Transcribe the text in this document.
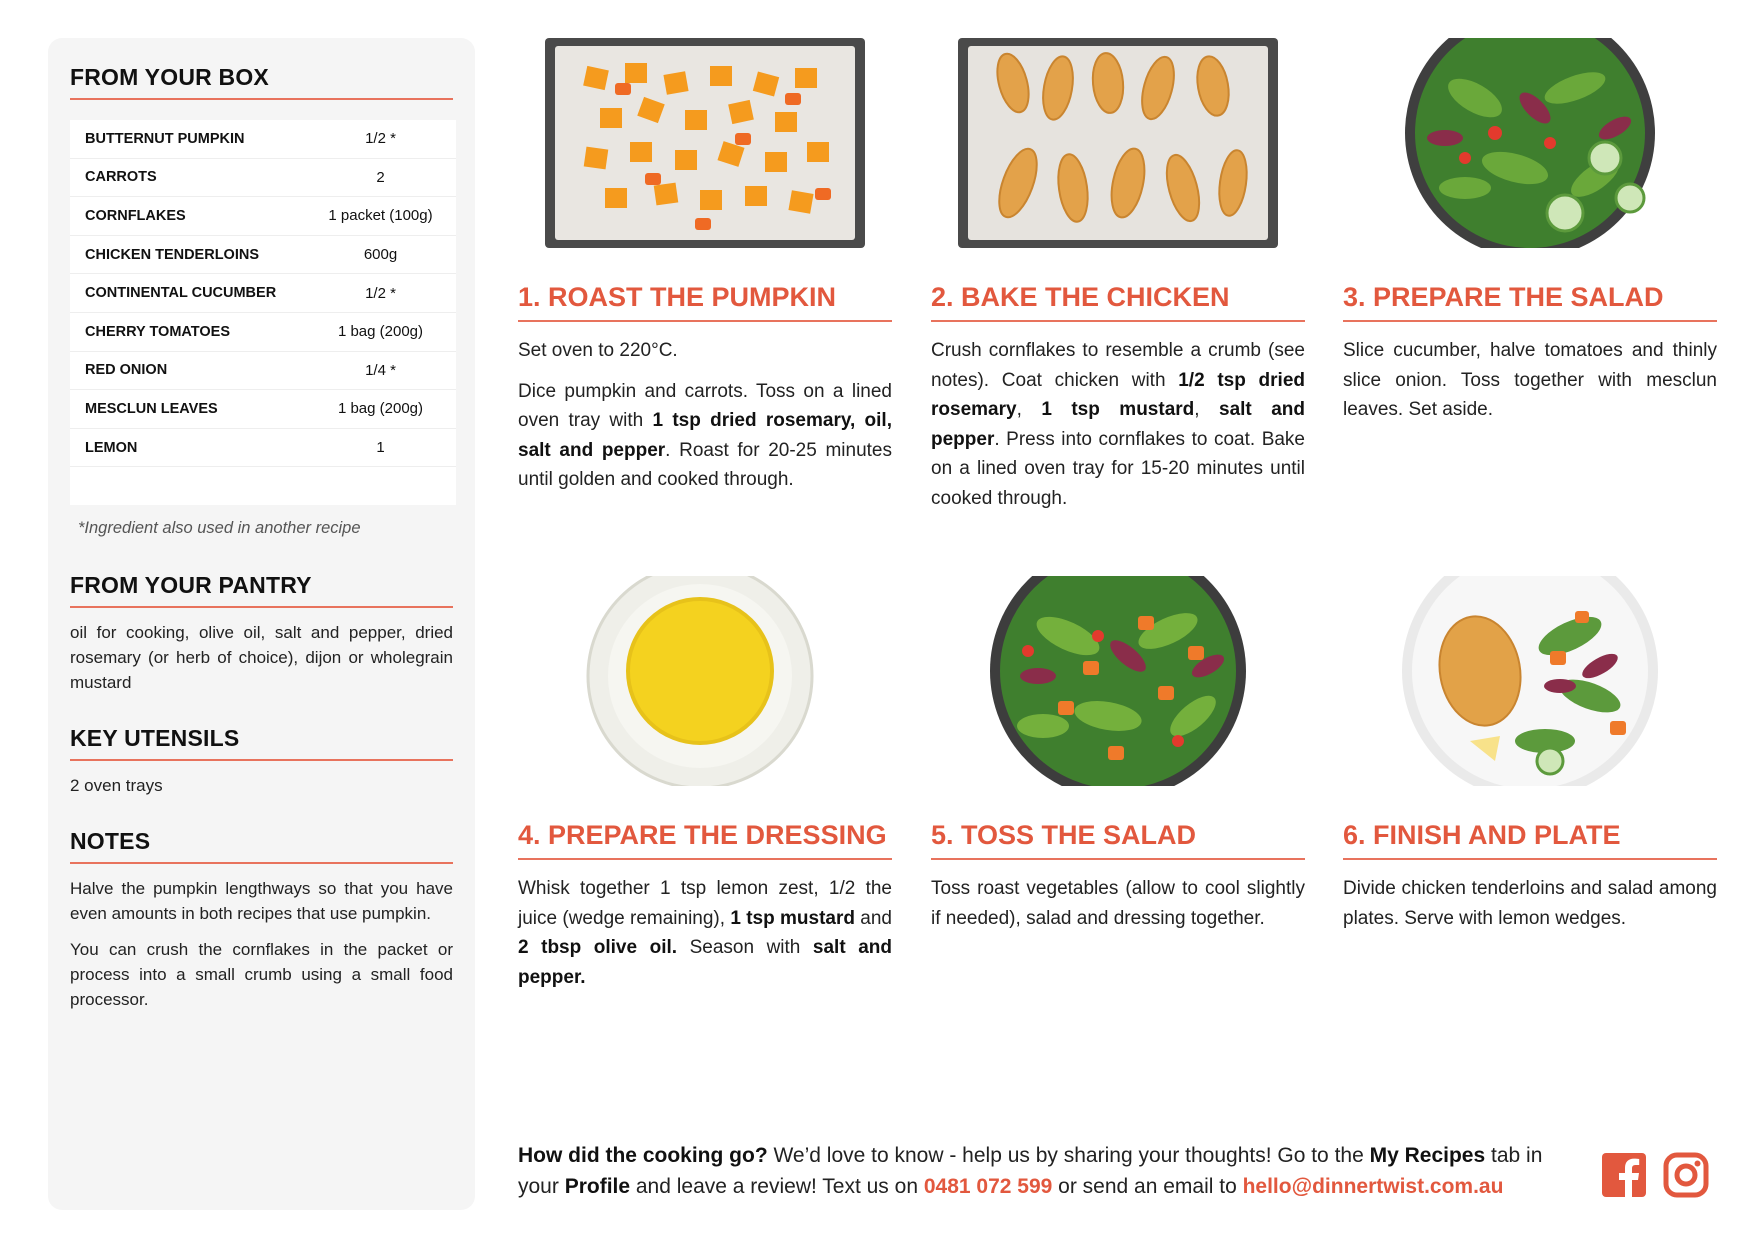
FROM YOUR BOX
BUTTERNUT PUMPKIN	1/2 *
CARROTS	2
CORNFLAKES	1 packet (100g)
CHICKEN TENDERLOINS	600g
CONTINENTAL CUCUMBER	1/2 *
CHERRY TOMATOES	1 bag (200g)
RED ONION	1/4 *
MESCLUN LEAVES	1 bag (200g)
LEMON	1
*Ingredient also used in another recipe
FROM YOUR PANTRY
oil for cooking, olive oil, salt and pepper, dried rosemary (or herb of choice), dijon or wholegrain mustard
KEY UTENSILS
2 oven trays
NOTES
Halve the pumpkin lengthways so that you have even amounts in both recipes that use pumpkin.
You can crush the cornflakes in the packet or process into a small crumb using a small food processor.
1. ROAST THE PUMPKIN

Set oven to 220°C.

Dice pumpkin and carrots. Toss on a lined oven tray with 1 tsp dried rosemary, oil, salt and pepper. Roast for 20-25 minutes until golden and cooked through.

2. BAKE THE CHICKEN

Crush cornflakes to resemble a crumb (see notes). Coat chicken with 1/2 tsp dried rosemary, 1 tsp mustard, salt and pepper. Press into cornflakes to coat. Bake on a lined oven tray for 15-20 minutes until cooked through.

3. PREPARE THE SALAD

Slice cucumber, halve tomatoes and thinly slice onion. Toss together with mesclun leaves. Set aside.

4. PREPARE THE DRESSING

Whisk together 1 tsp lemon zest, 1/2 the juice (wedge remaining), 1 tsp mustard and 2 tbsp olive oil. Season with salt and pepper.

5. TOSS THE SALAD

Toss roast vegetables (allow to cool slightly if needed), salad and dressing together.

6. FINISH AND PLATE

Divide chicken tenderloins and salad among plates. Serve with lemon wedges.

How did the cooking go? We’d love to know - help us by sharing your thoughts! Go to the My Recipes tab in your Profile and leave a review! Text us on 0481 072 599 or send an email to hello@dinnertwist.com.au
